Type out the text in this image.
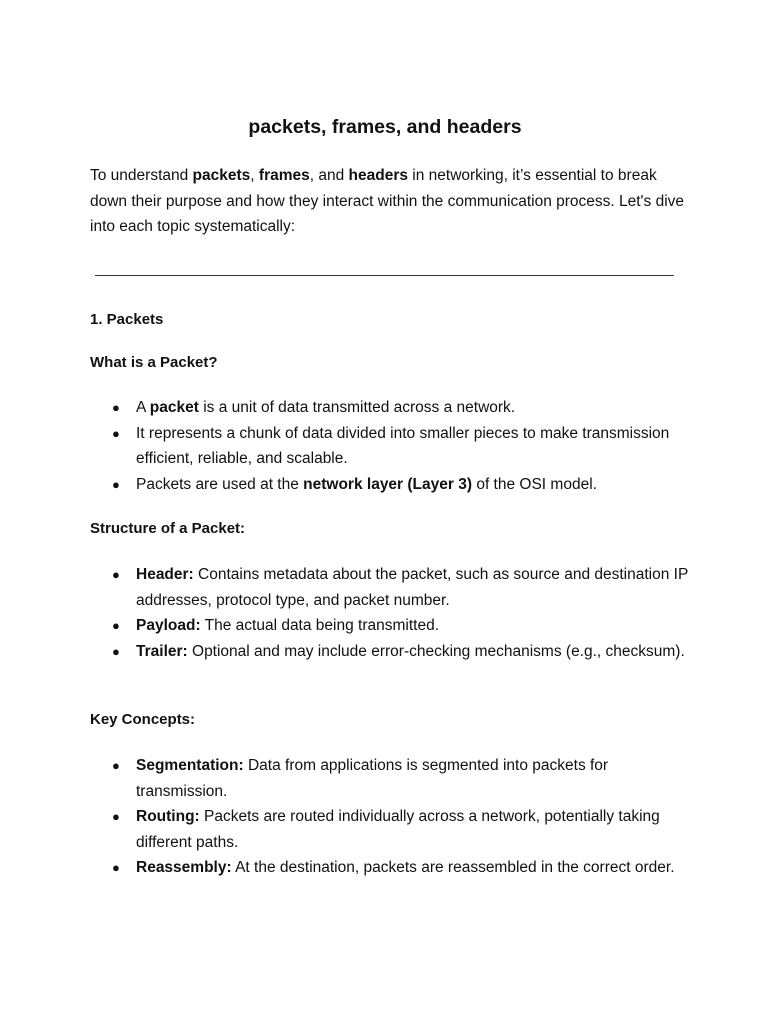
packets, frames, and headers

To understand packets, frames, and headers in networking, it’s essential to break down their purpose and how they interact within the communication process. Let's dive into each topic systematically:

1. Packets
What is a Packet?
● A packet is a unit of data transmitted across a network.
● It represents a chunk of data divided into smaller pieces to make transmission efficient, reliable, and scalable.
● Packets are used at the network layer (Layer 3) of the OSI model.
Structure of a Packet:
● Header: Contains metadata about the packet, such as source and destination IP addresses, protocol type, and packet number.
● Payload: The actual data being transmitted.
● Trailer: Optional and may include error-checking mechanisms (e.g., checksum).
Key Concepts:
● Segmentation: Data from applications is segmented into packets for transmission.
● Routing: Packets are routed individually across a network, potentially taking different paths.
● Reassembly: At the destination, packets are reassembled in the correct order.
